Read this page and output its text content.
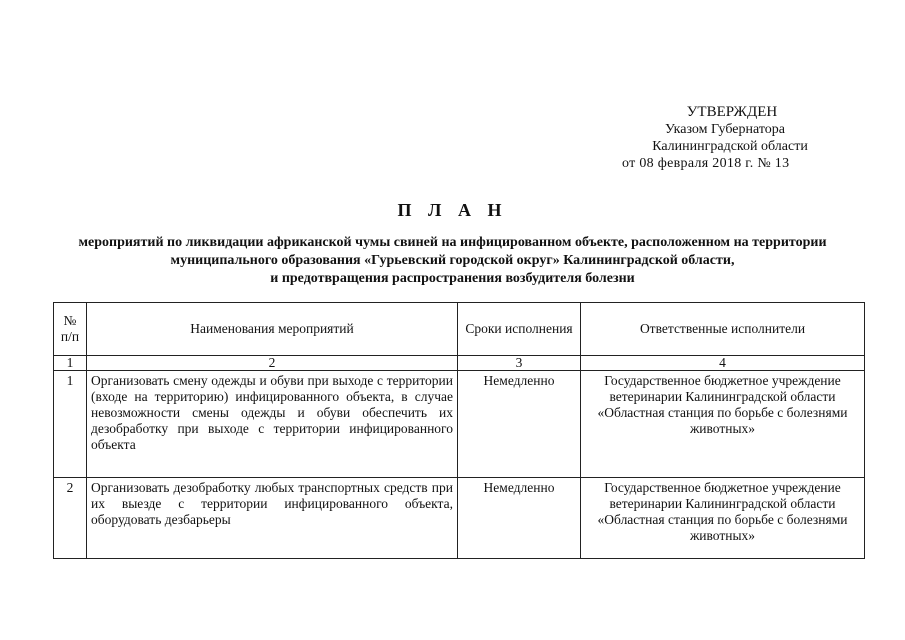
УТВЕРЖДЕН
Указом Губернатора
Калининградской области
от 08 февраля 2018 г. № 13
П Л А Н
мероприятий по ликвидации африканской чумы свиней на инфицированном объекте, расположенном на территории
муниципального образования «Гурьевский городской округ» Калининградской области,
и предотвращения распространения возбудителя болезни
№ п/п	Наименования мероприятий	Сроки исполнения	Ответственные исполнители
1	2	3	4
1	Организовать смену одежды и обуви при выходе с территории (входе на территорию) инфицированного объекта, в случае невозможности смены одежды и обуви обеспечить их дезобработку при выходе с территории инфицированного объекта	Немедленно	Государственное бюджетное учреждение ветеринарии Калининградской области «Областная станция по борьбе с болезнями животных»
2	Организовать дезобработку любых транспортных средств при их выезде с территории инфицированного объекта, оборудовать дезбарьеры	Немедленно	Государственное бюджетное учреждение ветеринарии Калининградской области «Областная станция по борьбе с болезнями животных»
